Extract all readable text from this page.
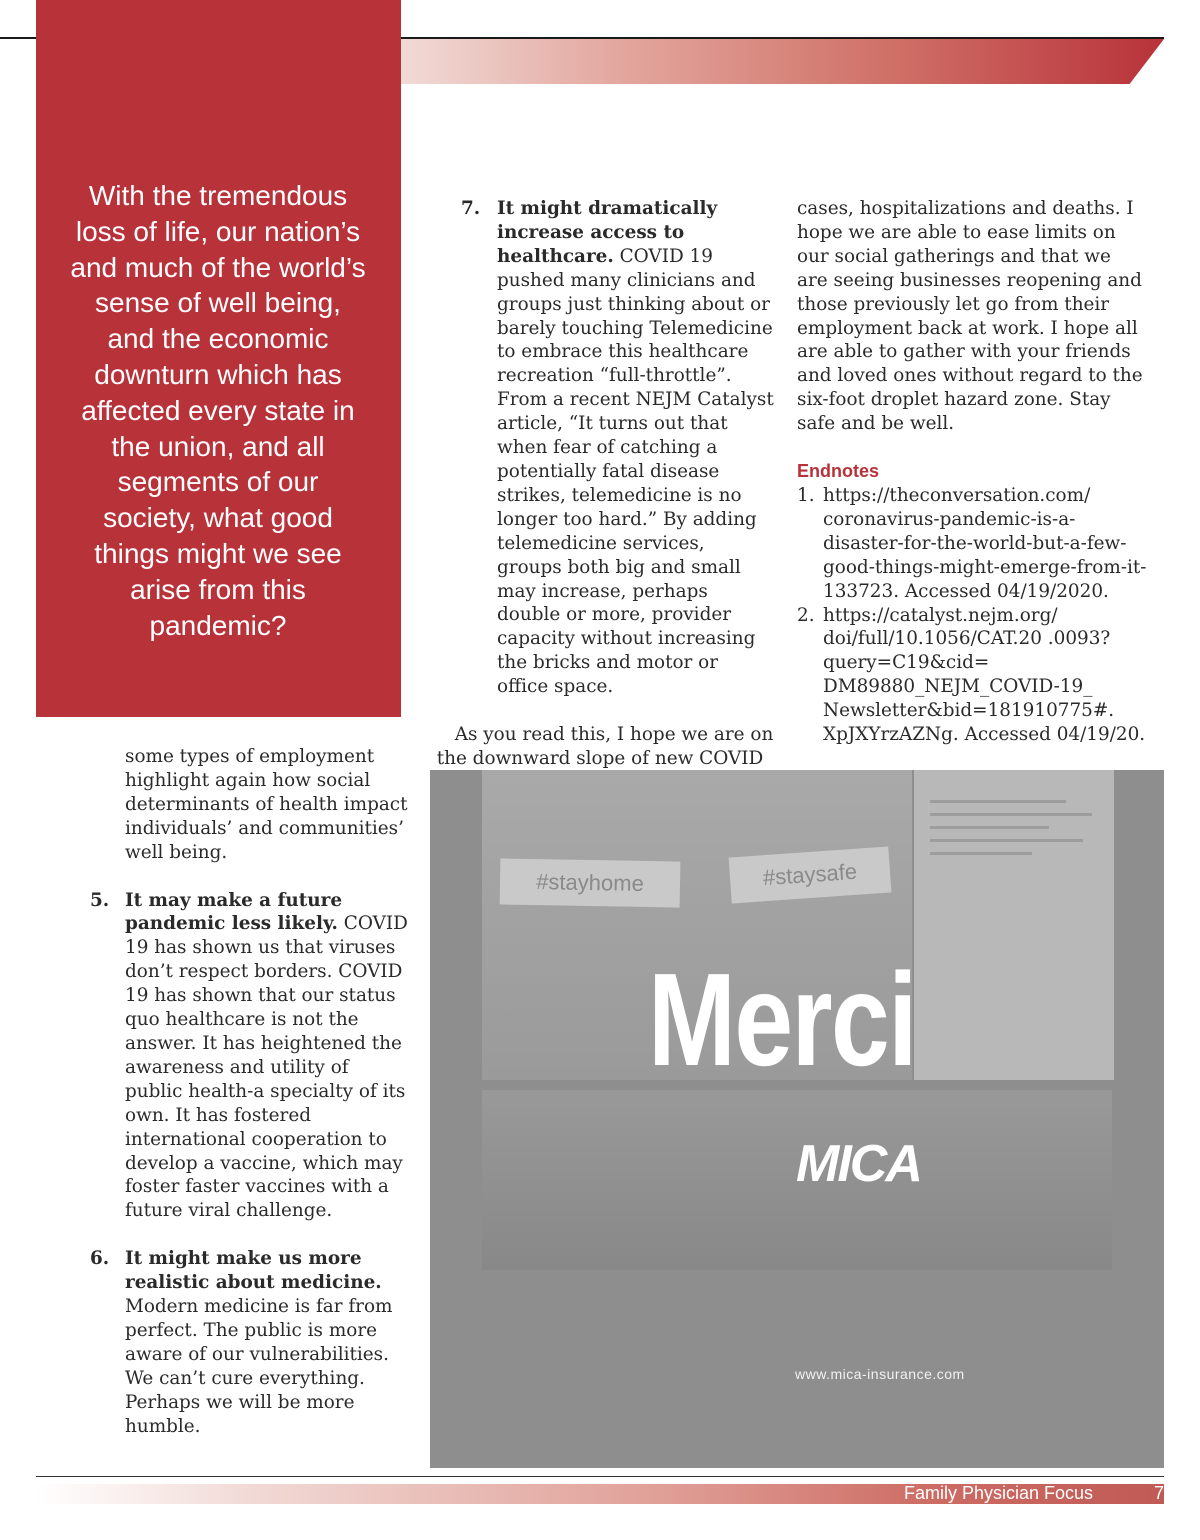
With the tremendous loss of life, our nation’s and much of the world’s sense of well being, and the economic downturn which has affected every state in the union, and all segments of our society, what good things might we see arise from this pandemic?
some types of employment highlight again how social determinants of health impact individuals’ and communities’ well being.
5. It may make a future pandemic less likely. COVID 19 has shown us that viruses don’t respect borders. COVID 19 has shown that our status quo healthcare is not the answer. It has heightened the awareness and utility of public health-a specialty of its own. It has fostered international cooperation to develop a vaccine, which may foster faster vaccines with a future viral challenge.
6. It might make us more realistic about medicine. Modern medicine is far from perfect. The public is more aware of our vulnerabilities. We can’t cure everything. Perhaps we will be more humble.
7. It might dramatically increase access to healthcare. COVID 19 pushed many clinicians and groups just thinking about or barely touching Telemedicine to embrace this healthcare recreation “full-throttle”. From a recent NEJM Catalyst article, “It turns out that when fear of catching a potentially fatal disease strikes, telemedicine is no longer too hard.” By adding telemedicine services, groups both big and small may increase, perhaps double or more, provider capacity without increasing the bricks and motor or office space.
As you read this, I hope we are on the downward slope of new COVID
cases, hospitalizations and deaths. I hope we are able to ease limits on our social gatherings and that we are seeing businesses reopening and those previously let go from their employment back at work. I hope all are able to gather with your friends and loved ones without regard to the six-foot droplet hazard zone. Stay safe and be well.
Endnotes
1. https://theconversation.com/ coronavirus-pandemic-is-a-disaster-for-the-world-but-a-few-good-things-might-emerge-from-it-133723. Accessed 04/19/2020.
2. https://catalyst.nejm.org/ doi/full/10.1056/CAT.20 .0093?query=C19&cid= DM89880_NEJM_COVID-19_ Newsletter&bid=181910775#. XpJXYrzAZNg. Accessed 04/19/20.
#stayhome	#staysafe
Merci
MICA
www.mica-insurance.com
Family Physician Focus	7
